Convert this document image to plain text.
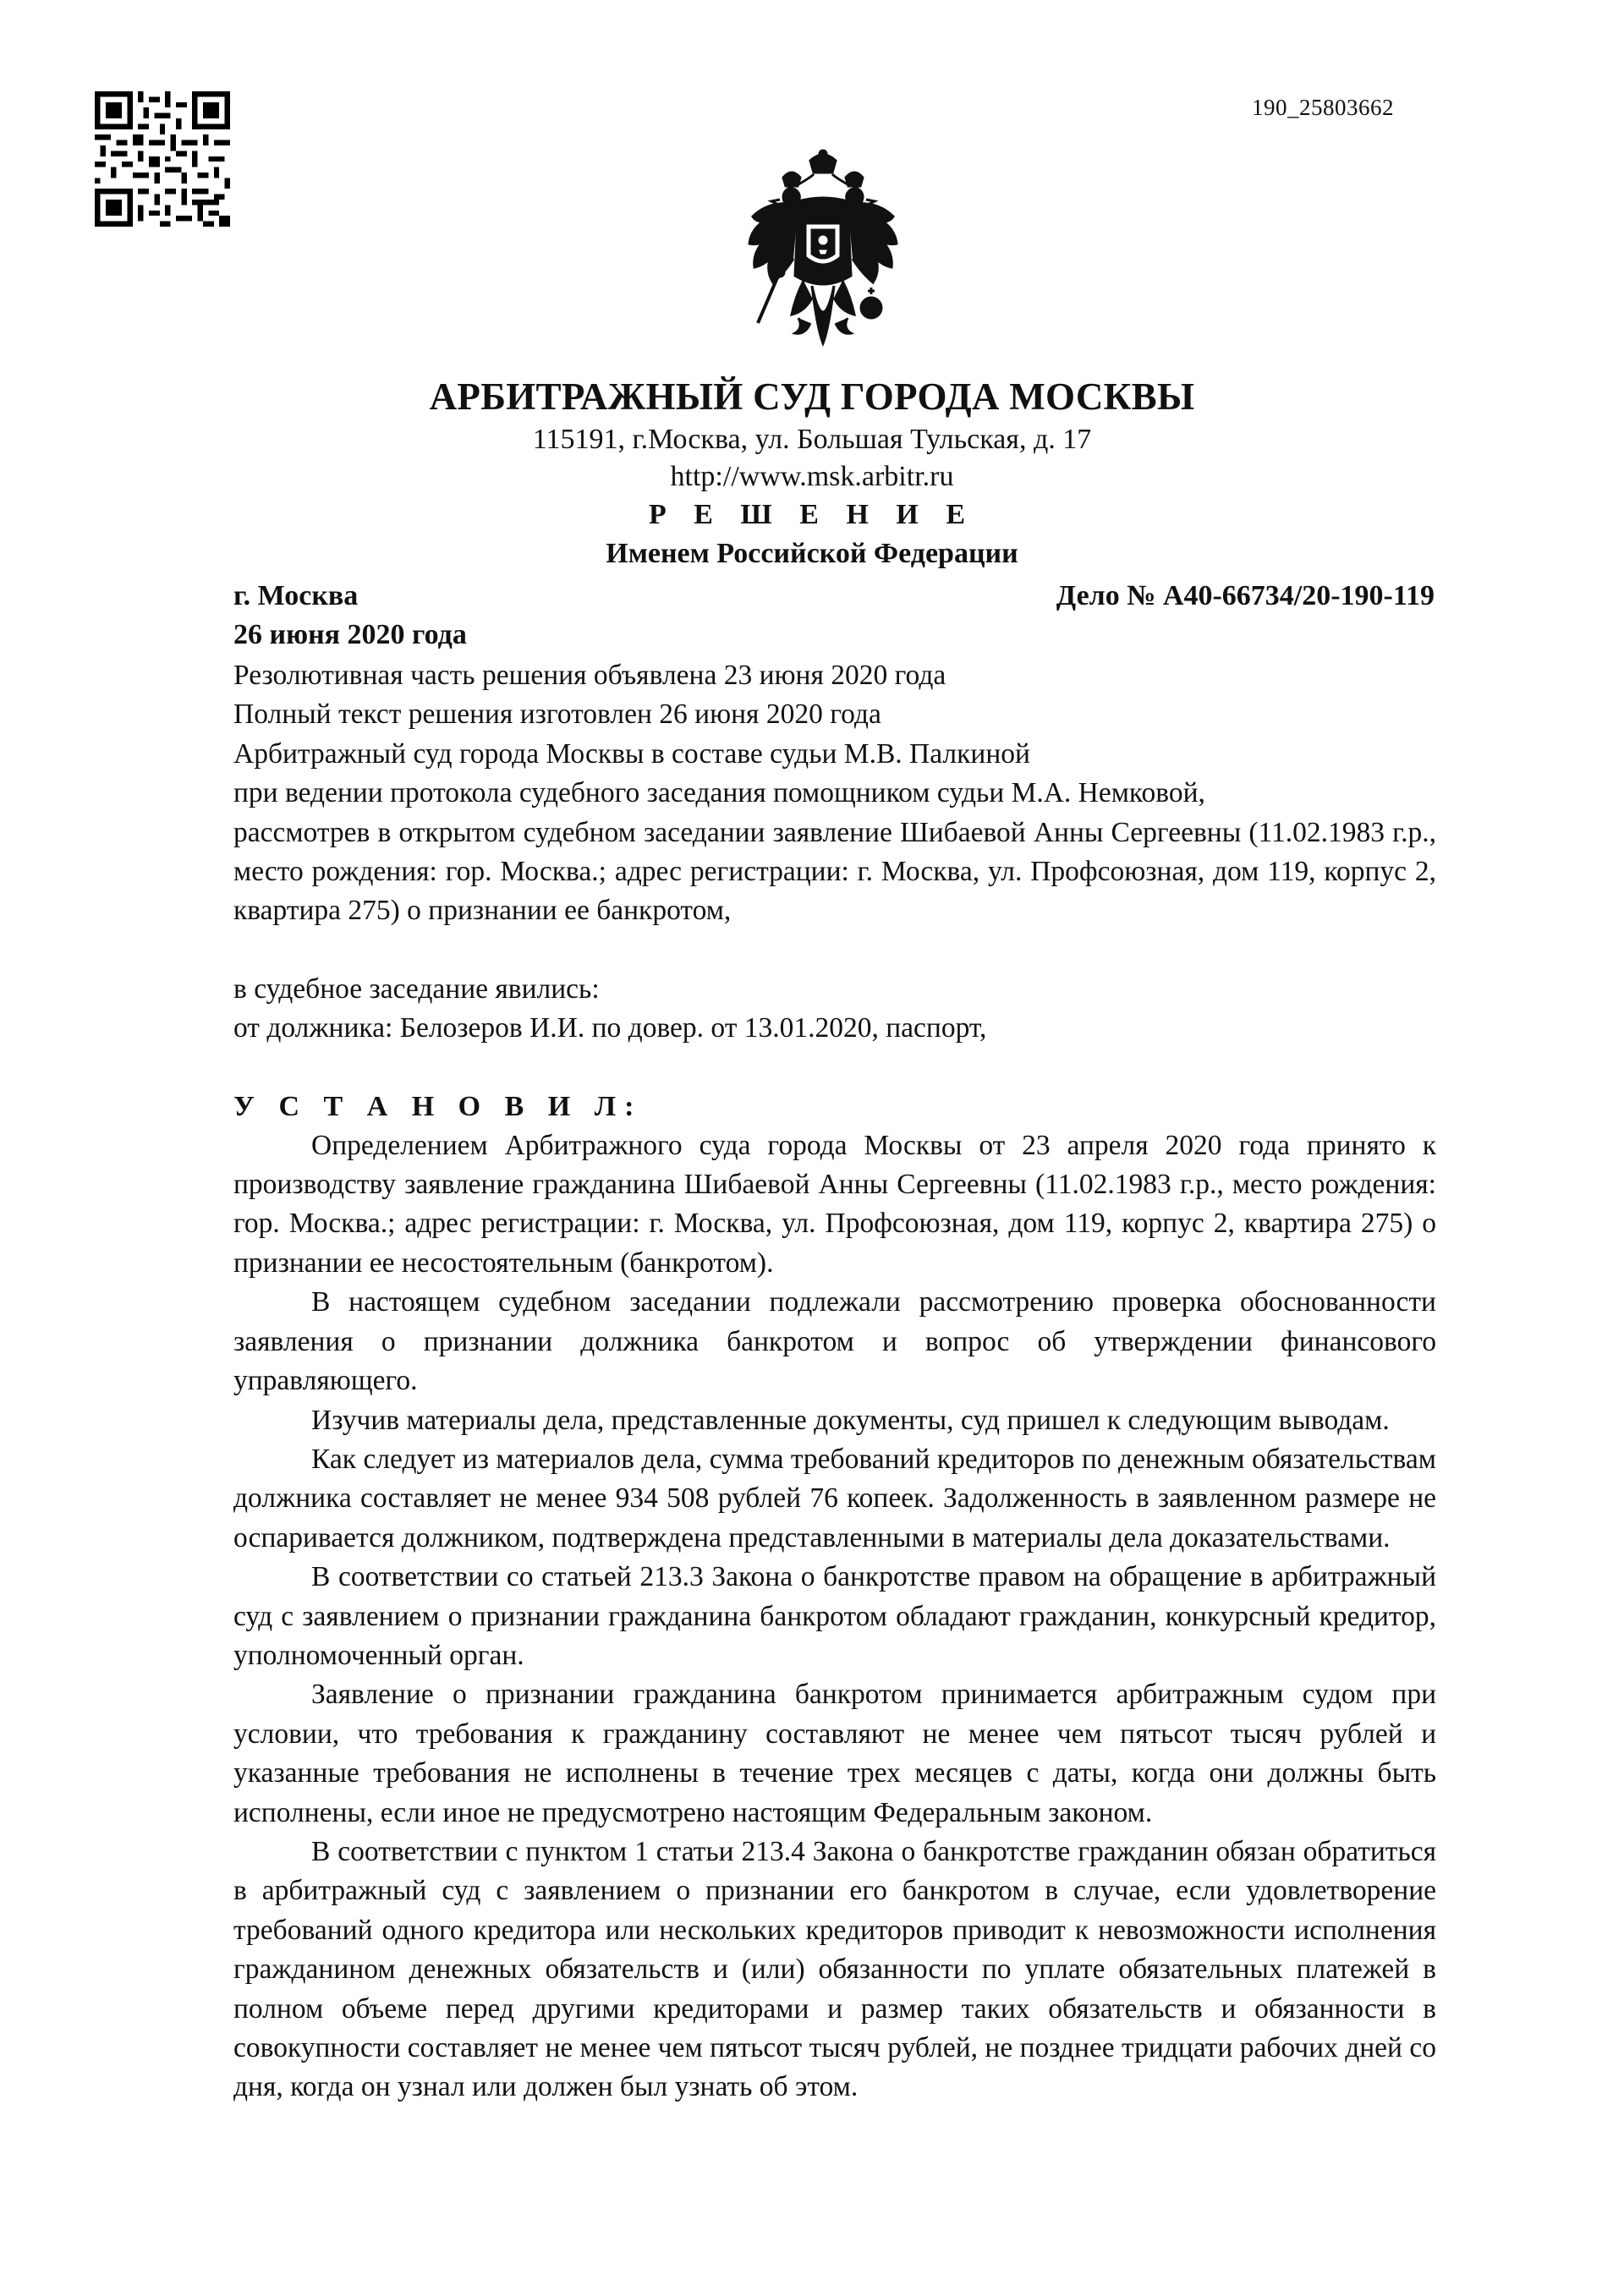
190_25803662
АРБИТРАЖНЫЙ СУД ГОРОДА МОСКВЫ
115191, г.Москва, ул. Большая Тульская, д. 17
http://www.msk.arbitr.ru
Р Е Ш Е Н И Е
Именем Российской Федерации
г. Москва	Дело № А40-66734/20-190-119
26 июня 2020 года

Резолютивная часть решения объявлена 23 июня 2020 года

Полный текст решения изготовлен 26 июня 2020 года

Арбитражный суд города Москвы в составе судьи М.В. Палкиной

при ведении протокола судебного заседания помощником судьи М.А. Немковой,

рассмотрев в открытом судебном заседании заявление Шибаевой Анны Сергеевны (11.02.1983 г.р., место рождения: гор. Москва.; адрес регистрации: г. Москва, ул. Профсоюзная, дом 119, корпус 2, квартира 275) о признании ее банкротом,

в судебное заседание явились:

от должника: Белозеров И.И. по довер. от 13.01.2020, паспорт,

У С Т А Н О В И Л:

Определением Арбитражного суда города Москвы от 23 апреля 2020 года принято к производству заявление гражданина Шибаевой Анны Сергеевны (11.02.1983 г.р., место рождения: гор. Москва.; адрес регистрации: г. Москва, ул. Профсоюзная, дом 119, корпус 2, квартира 275) о признании ее несостоятельным (банкротом).

В настоящем судебном заседании подлежали рассмотрению проверка обоснованности заявления о признании должника банкротом и вопрос об утверждении финансового управляющего.

Изучив материалы дела, представленные документы, суд пришел к следующим выводам.

Как следует из материалов дела, сумма требований кредиторов по денежным обязательствам должника составляет не менее 934 508 рублей 76 копеек. Задолженность в заявленном размере не оспаривается должником, подтверждена представленными в материалы дела доказательствами.

В соответствии со статьей 213.3 Закона о банкротстве правом на обращение в арбитражный суд с заявлением о признании гражданина банкротом обладают гражданин, конкурсный кредитор, уполномоченный орган.

Заявление о признании гражданина банкротом принимается арбитражным судом при условии, что требования к гражданину составляют не менее чем пятьсот тысяч рублей и указанные требования не исполнены в течение трех месяцев с даты, когда они должны быть исполнены, если иное не предусмотрено настоящим Федеральным законом.

В соответствии с пунктом 1 статьи 213.4 Закона о банкротстве гражданин обязан обратиться в арбитражный суд с заявлением о признании его банкротом в случае, если удовлетворение требований одного кредитора или нескольких кредиторов приводит к невозможности исполнения гражданином денежных обязательств и (или) обязанности по уплате обязательных платежей в полном объеме перед другими кредиторами и размер таких обязательств и обязанности в совокупности составляет не менее чем пятьсот тысяч рублей, не позднее тридцати рабочих дней со дня, когда он узнал или должен был узнать об этом.
